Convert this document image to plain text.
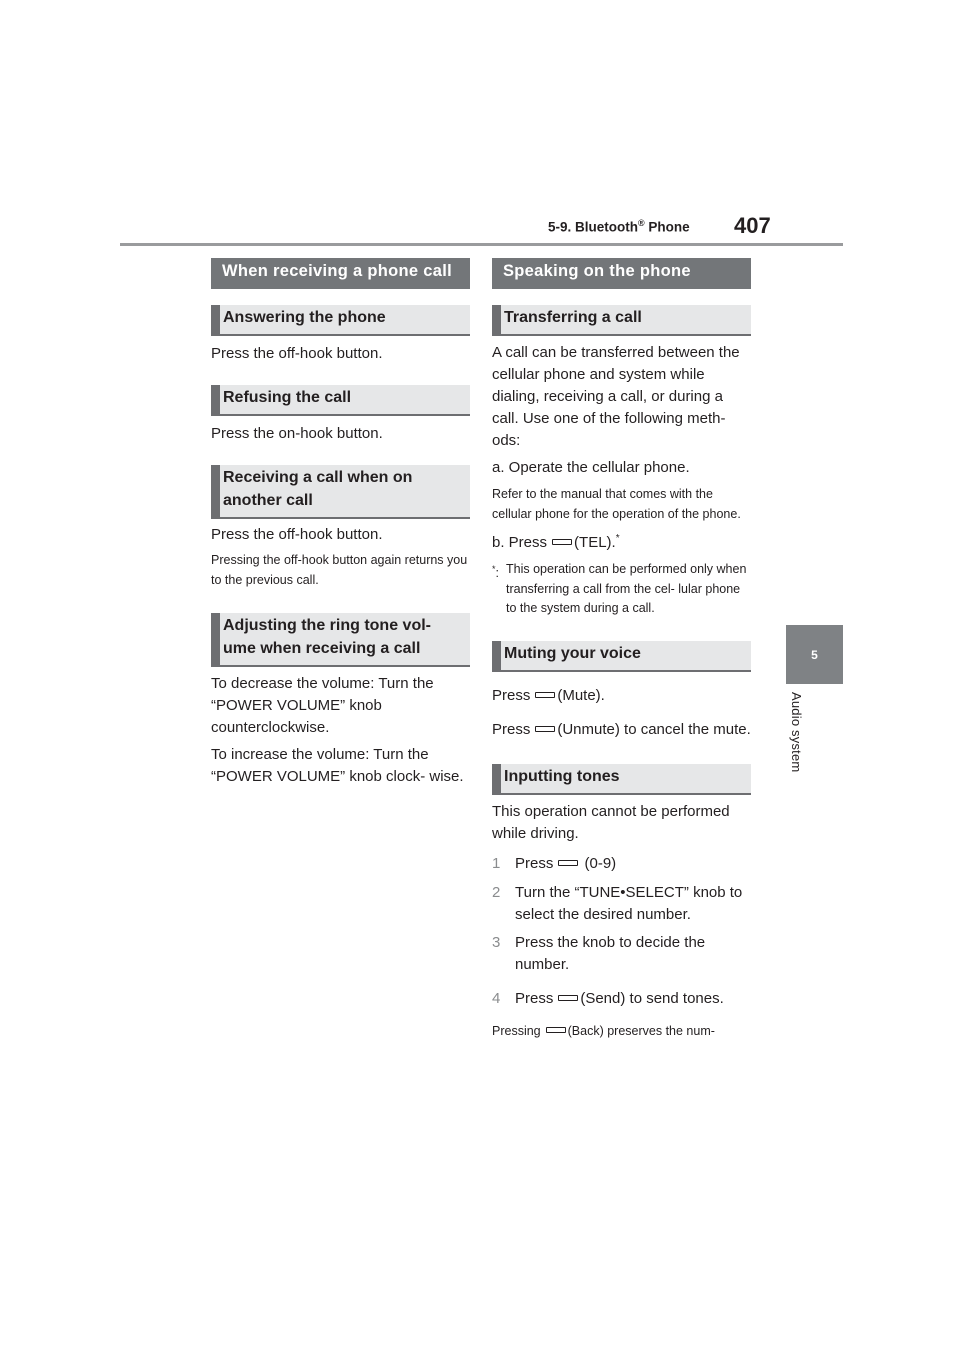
5-9. Bluetooth® Phone 407
5
Audio system
When receiving a phone call
Answering the phone

Press the off-hook button.

Refusing the call

Press the on-hook button.

Receiving a call when on another call

Press the off-hook button.

Pressing the off-hook button again returns you to the previous call.

Adjusting the ring tone vol- ume when receiving a call

To decrease the volume: Turn the “POWER VOLUME” knob counterclockwise.

To increase the volume: Turn the “POWER VOLUME” knob clock- wise.

Speaking on the phone
Transferring a call

A call can be transferred between the cellular phone and system while dialing, receiving a call, or during a call. Use one of the following meth- ods:

a. Operate the cellular phone.

Refer to the manual that comes with the cellular phone for the operation of the phone.

b. Press (TEL).*

*: This operation can be performed only when transferring a call from the cel- lular phone to the system during a call.
Muting your voice

Press (Mute).

Press (Unmute) to cancel the mute.

Inputting tones

This operation cannot be performed while driving.

1 Press (0-9)
2 Turn the “TUNE•SELECT” knob to select the desired number.
3 Press the knob to decide the number.
4 Press (Send) to send tones.

Pressing (Back) preserves the num-
